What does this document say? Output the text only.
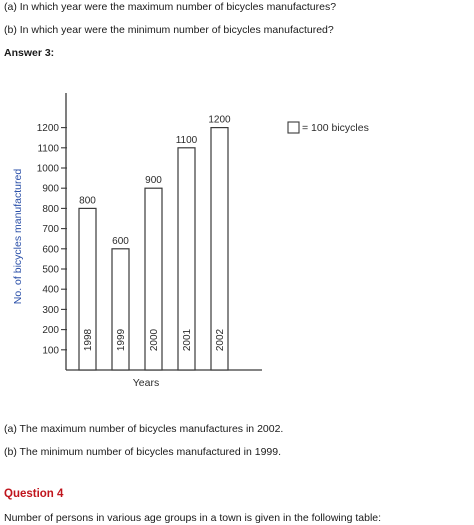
(a) In which year were the maximum number of bicycles manufactures?
(b) In which year were the minimum number of bicycles manufactured?
Answer 3:
100
200
300
400
500
600
700
800
900
1000
1100
1200
No. of bicycles manufactured
Years
800
1998
600
1999
900
2000
1100
2001
1200
2002
= 100 bicycles
(a) The maximum number of bicycles manufactures in 2002.
(b) The minimum number of bicycles manufactured in 1999.
Question 4
Number of persons in various age groups in a town is given in the following table:
